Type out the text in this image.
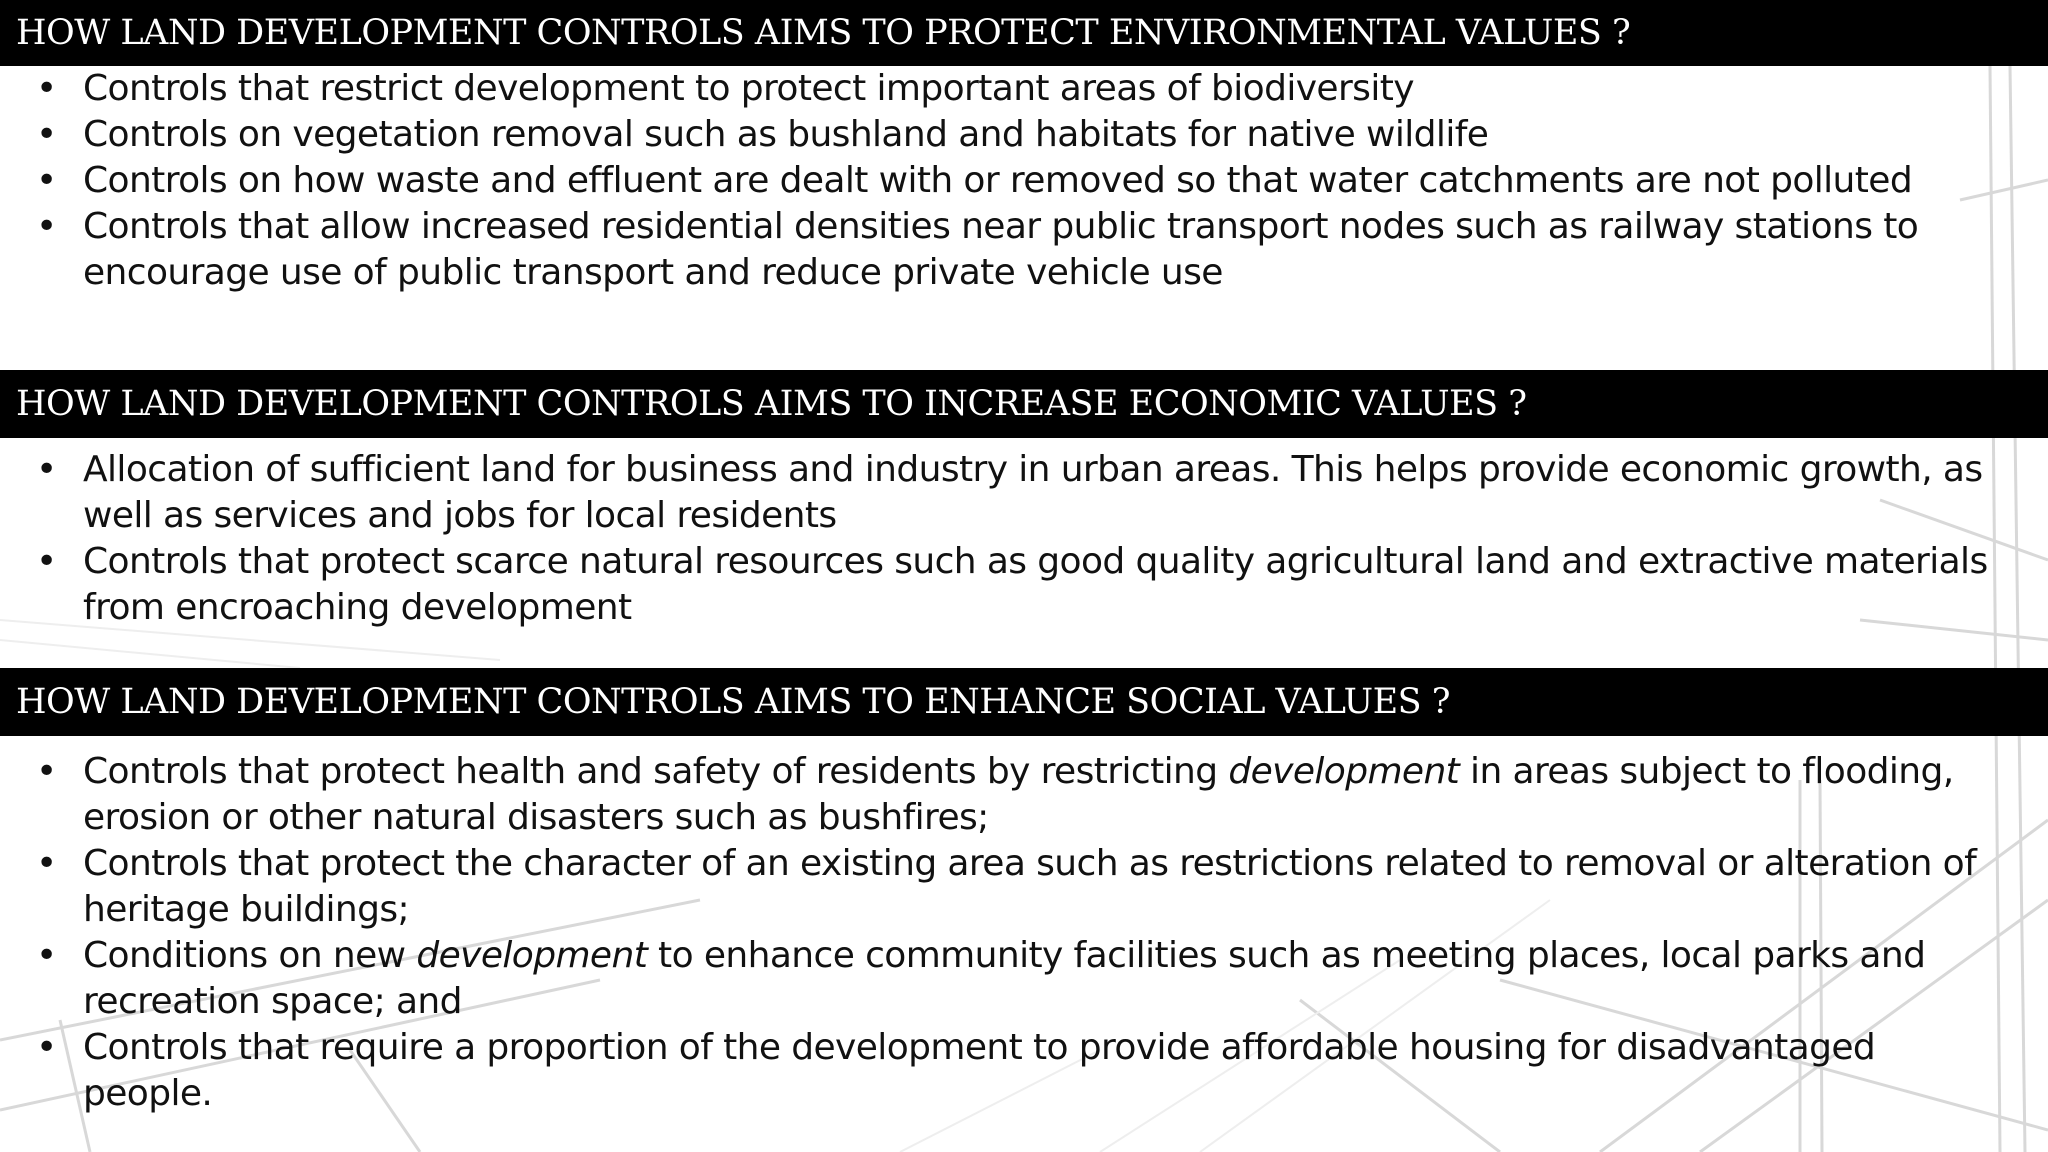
HOW LAND DEVELOPMENT CONTROLS AIMS TO PROTECT ENVIRONMENTAL VALUES ?
• Controls that restrict development to protect important areas of biodiversity
• Controls on vegetation removal such as bushland and habitats for native wildlife
• Controls on how waste and effluent are dealt with or removed so that water catchments are not polluted
• Controls that allow increased residential densities near public transport nodes such as railway stations to encourage use of public transport and reduce private vehicle use
HOW LAND DEVELOPMENT CONTROLS AIMS TO INCREASE ECONOMIC VALUES ?
• Allocation of sufficient land for business and industry in urban areas. This helps provide economic growth, as well as services and jobs for local residents
• Controls that protect scarce natural resources such as good quality agricultural land and extractive materials from encroaching development
HOW LAND DEVELOPMENT CONTROLS AIMS TO ENHANCE SOCIAL VALUES ?
• Controls that protect health and safety of residents by restricting development in areas subject to flooding, erosion or other natural disasters such as bushfires;
• Controls that protect the character of an existing area such as restrictions related to removal or alteration of heritage buildings;
• Conditions on new development to enhance community facilities such as meeting places, local parks and recreation space; and
• Controls that require a proportion of the development to provide affordable housing for disadvantaged people.
